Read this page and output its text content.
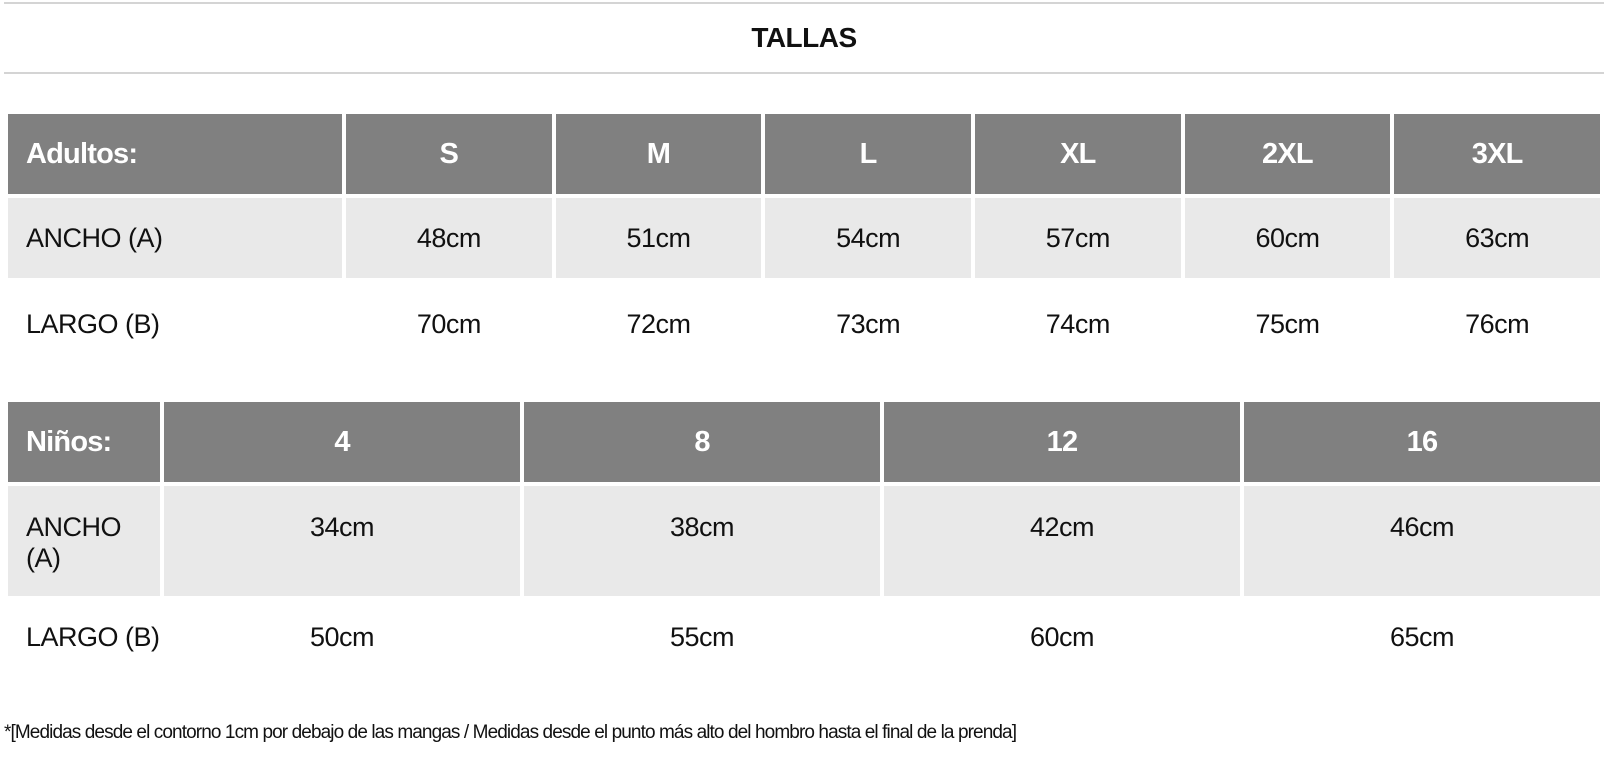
TALLAS
Adultos:	S	M	L	XL	2XL	3XL
ANCHO (A)	48cm	51cm	54cm	57cm	60cm	63cm
LARGO (B)	70cm	72cm	73cm	74cm	75cm	76cm
Niños:	4	8	12	16
ANCHO (A)	34cm	38cm	42cm	46cm
LARGO (B)	50cm	55cm	60cm	65cm
*[Medidas desde el contorno 1cm por debajo de las mangas / Medidas desde el punto más alto del hombro hasta el final de la prenda]
